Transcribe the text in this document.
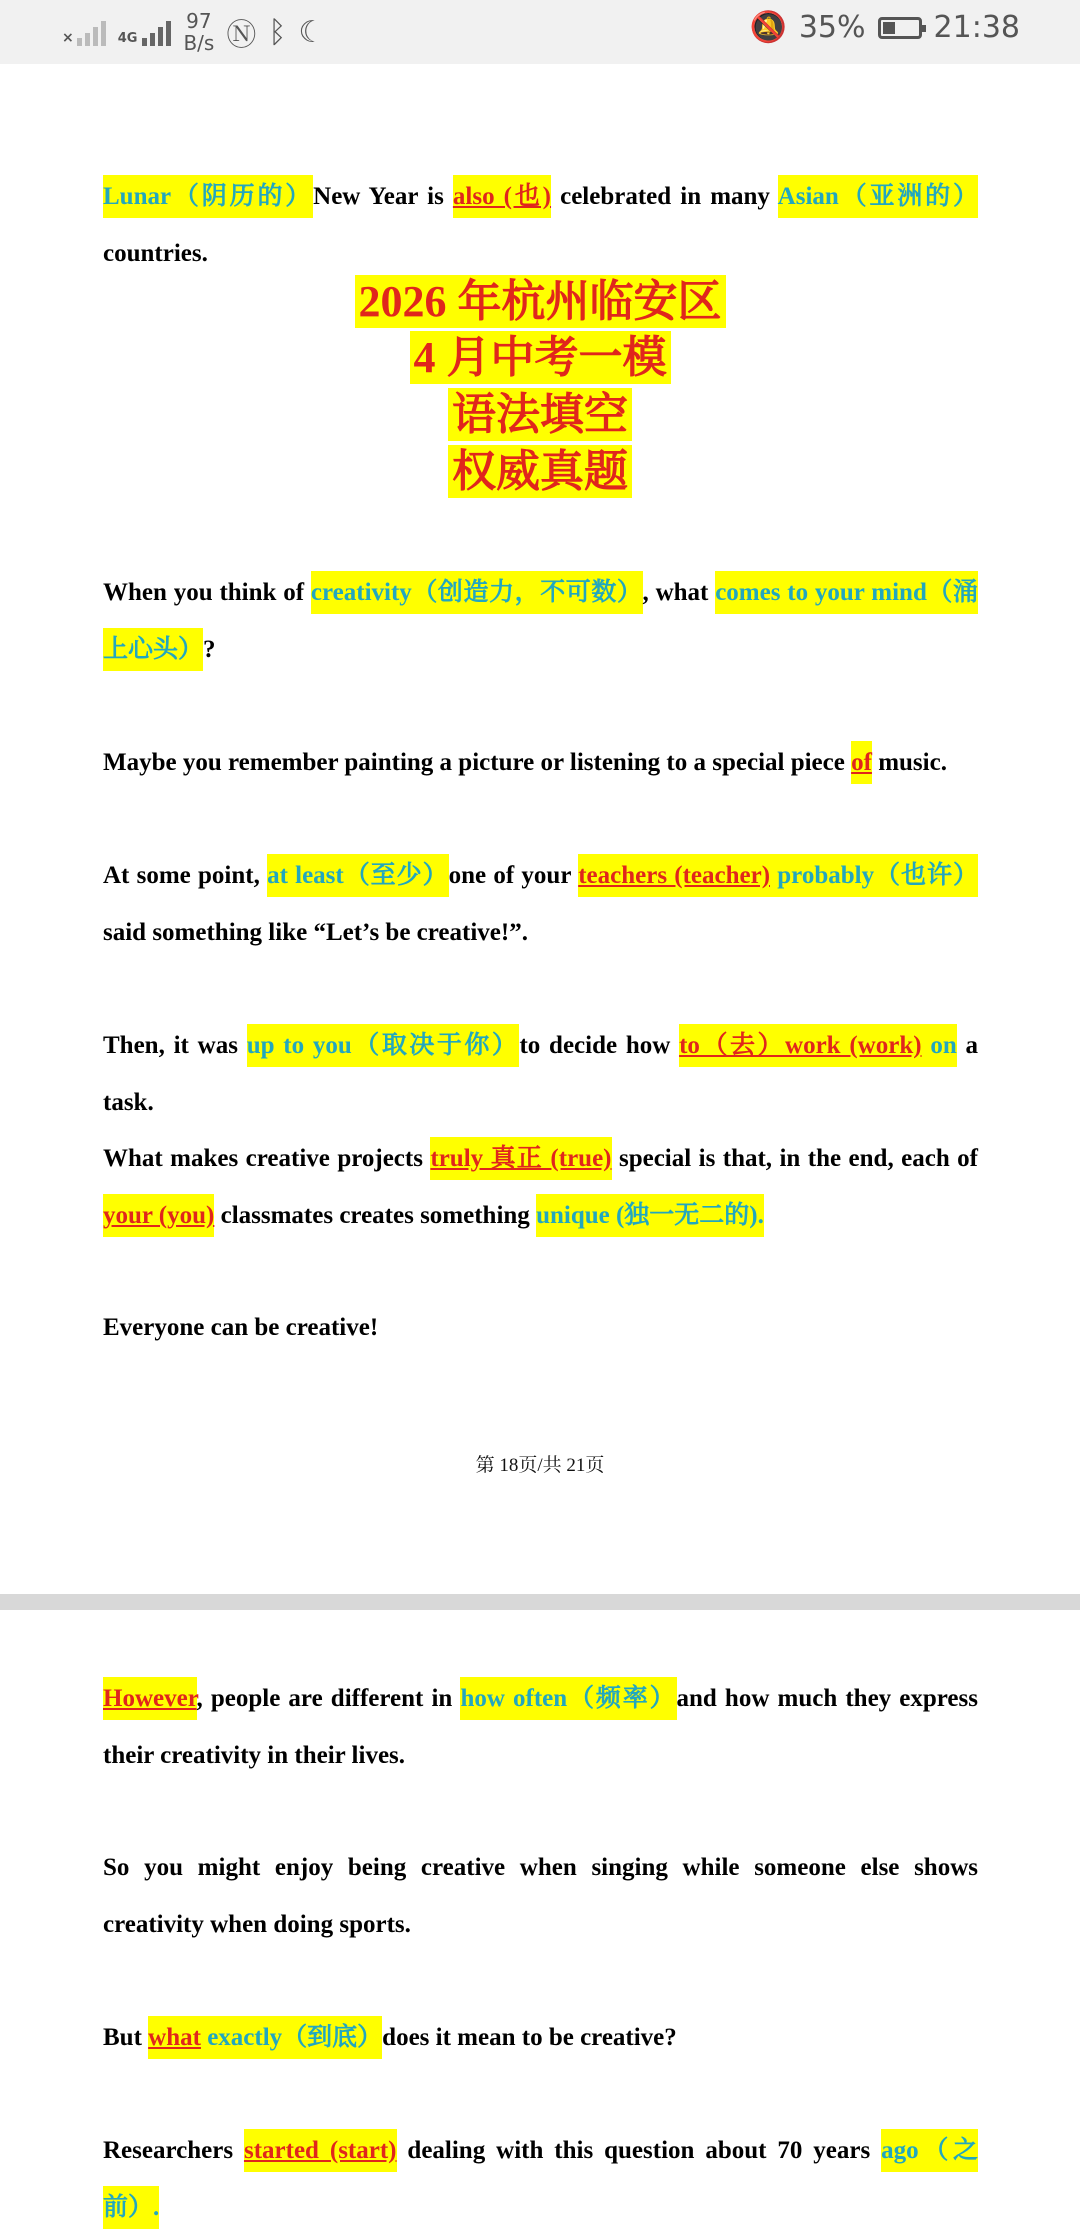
×	4G
97
B/s Ⓝ ᛒ ☾	🔕 35% 21:38
Lunar（阴历的）New Year is also (也) celebrated in many Asian（亚洲的） countries.
2026 年杭州临安区
4 月中考一模
语法填空
权威真题
When you think of creativity（创造力，不可数）, what comes to your mind（涌上心头）?
Maybe you remember painting a picture or listening to a special piece of music.
At some point, at least（至少）one of your teachers (teacher) probably（也许） said something like “Let’s be creative!”.
Then, it was up to you（取决于你）to decide how to（去）work (work) on a task.
What makes creative projects truly 真正 (true) special is that, in the end, each of your (you) classmates creates something unique (独一无二的).
Everyone can be creative!
第 18页/共 21页
However, people are different in how often（频率）and how much they express their creativity in their lives.
So you might enjoy being creative when singing while someone else shows creativity when doing sports.
But what exactly（到底）does it mean to be creative?
Researchers started (start) dealing with this question about 70 years ago（之前）.
